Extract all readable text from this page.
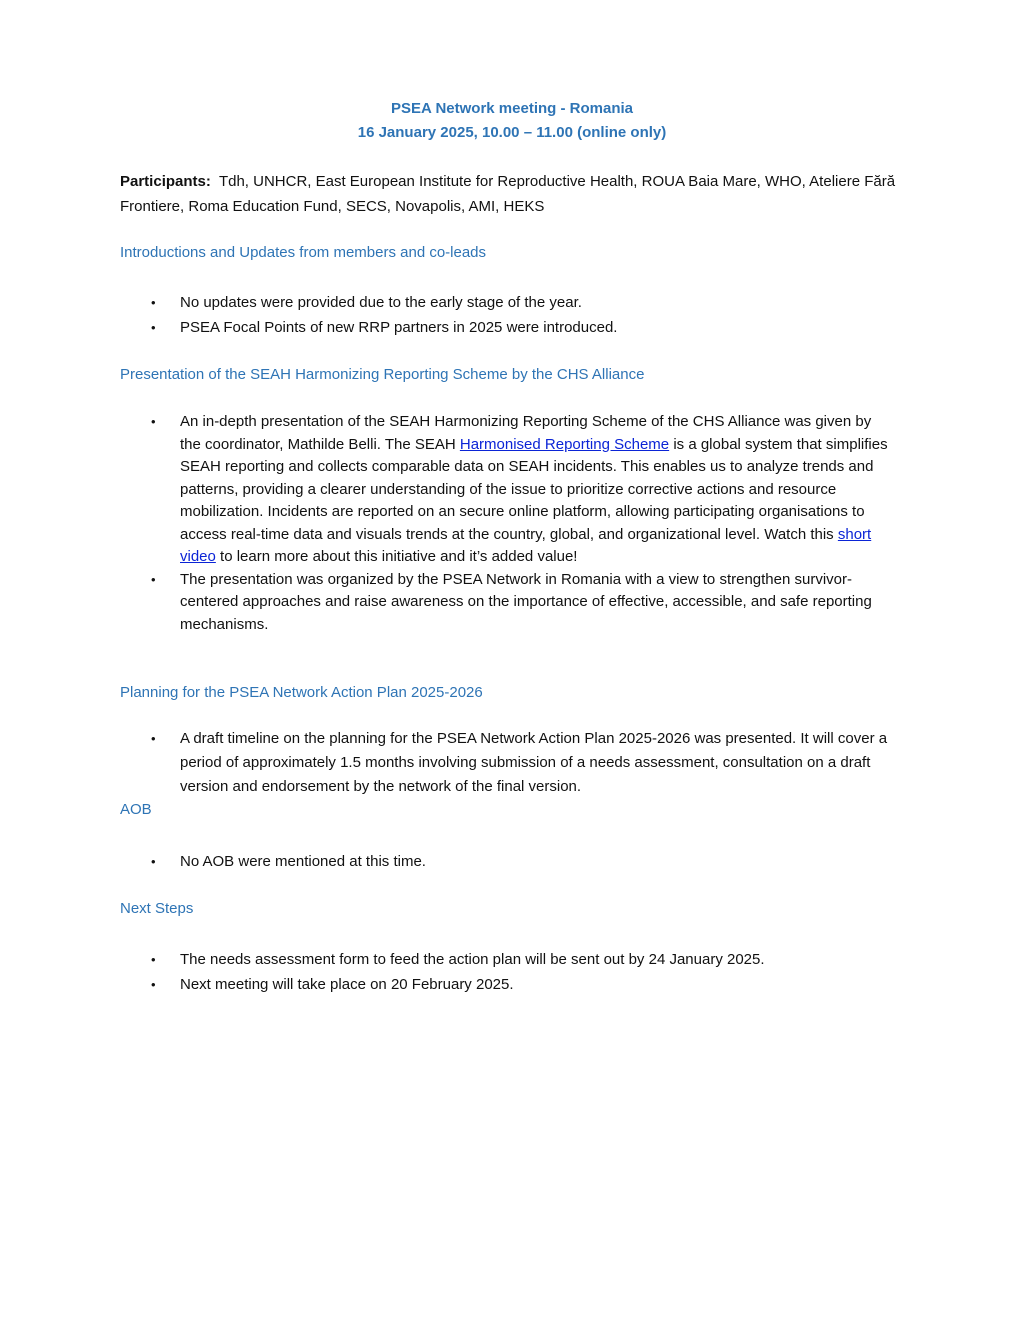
PSEA Network meeting - Romania
16 January 2025, 10.00 – 11.00 (online only)
Participants: Tdh, UNHCR, East European Institute for Reproductive Health, ROUA Baia Mare, WHO, Ateliere Fără Frontiere, Roma Education Fund, SECS, Novapolis, AMI, HEKS
Introductions and Updates from members and co-leads
• No updates were provided due to the early stage of the year.
• PSEA Focal Points of new RRP partners in 2025 were introduced.
Presentation of the SEAH Harmonizing Reporting Scheme by the CHS Alliance
• An in-depth presentation of the SEAH Harmonizing Reporting Scheme of the CHS Alliance was given by the coordinator, Mathilde Belli. The SEAH Harmonised Reporting Scheme is a global system that simplifies SEAH reporting and collects comparable data on SEAH incidents. This enables us to analyze trends and patterns, providing a clearer understanding of the issue to prioritize corrective actions and resource mobilization. Incidents are reported on an secure online platform, allowing participating organisations to access real-time data and visuals trends at the country, global, and organizational level. Watch this short video to learn more about this initiative and it’s added value!
• The presentation was organized by the PSEA Network in Romania with a view to strengthen survivor-centered approaches and raise awareness on the importance of effective, accessible, and safe reporting mechanisms.
Planning for the PSEA Network Action Plan 2025-2026
• A draft timeline on the planning for the PSEA Network Action Plan 2025-2026 was presented. It will cover a period of approximately 1.5 months involving submission of a needs assessment, consultation on a draft version and endorsement by the network of the final version.
AOB
• No AOB were mentioned at this time.
Next Steps
• The needs assessment form to feed the action plan will be sent out by 24 January 2025.
• Next meeting will take place on 20 February 2025.
